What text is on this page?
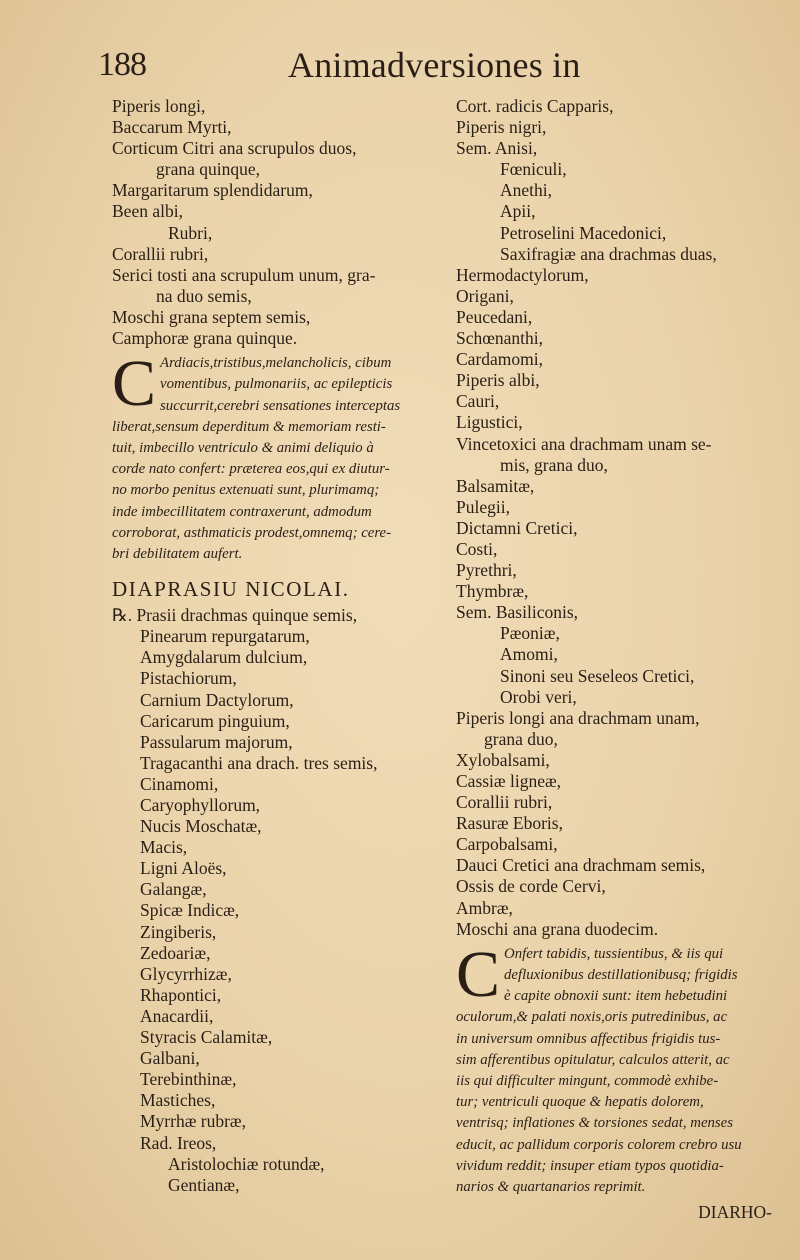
188	Animadversiones in
Piperis longi,
Baccarum Myrti,
Corticum Citri ana scrupulos duos,
grana quinque,
Margaritarum splendidarum,
Been albi,
Rubri,
Corallii rubri,
Serici tosti ana scrupulum unum, gra-
na duo semis,
Moschi grana septem semis,
Camphoræ grana quinque.
C Ardiacis,tristibus,melancholicis, cibum
vomentibus, pulmonariis, ac epilepticis
succurrit,cerebri sensationes interceptas
liberat,sensum deperditum & memoriam resti-
tuit, imbecillo ventriculo & animi deliquio à
corde nato confert: præterea eos,qui ex diutur-
no morbo penitus extenuati sunt, plurimamq;
inde imbecillitatem contraxerunt, admodum
corroborat, asthmaticis prodest,omnemq; cere-
bri debilitatem aufert.
DIAPRASIU NICOLAI.
℞. Prasii drachmas quinque semis,
Pinearum repurgatarum,
Amygdalarum dulcium,
Pistachiorum,
Carnium Dactylorum,
Caricarum pinguium,
Passularum majorum,
Tragacanthi ana drach. tres semis,
Cinamomi,
Caryophyllorum,
Nucis Moschatæ,
Macis,
Ligni Aloës,
Galangæ,
Spicæ Indicæ,
Zingiberis,
Zedoariæ,
Glycyrrhizæ,
Rhapontici,
Anacardii,
Styracis Calamitæ,
Galbani,
Terebinthinæ,
Mastiches,
Myrrhæ rubræ,
Rad. Ireos,
Aristolochiæ rotundæ,
Gentianæ,
Cort. radicis Capparis,
Piperis nigri,
Sem. Anisi,
Fœniculi,
Anethi,
Apii,
Petroselini Macedonici,
Saxifragiæ ana drachmas duas,
Hermodactylorum,
Origani,
Peucedani,
Schœnanthi,
Cardamomi,
Piperis albi,
Cauri,
Ligustici,
Vincetoxici ana drachmam unam se-
mis, grana duo,
Balsamitæ,
Pulegii,
Dictamni Cretici,
Costi,
Pyrethri,
Thymbræ,
Sem. Basiliconis,
Pæoniæ,
Amomi,
Sinoni seu Seseleos Cretici,
Orobi veri,
Piperis longi ana drachmam unam,
grana duo,
Xylobalsami,
Cassiæ ligneæ,
Corallii rubri,
Rasuræ Eboris,
Carpobalsami,
Dauci Cretici ana drachmam semis,
Ossis de corde Cervi,
Ambræ,
Moschi ana grana duodecim.
C Onfert tabidis, tussientibus, & iis qui
defluxionibus destillationibusq; frigidis
è capite obnoxii sunt: item hebetudini
oculorum,& palati noxis,oris putredinibus, ac
in universum omnibus affectibus frigidis tus-
sim afferentibus opitulatur, calculos atterit, ac
iis qui difficulter mingunt, commodè exhibe-
tur; ventriculi quoque & hepatis dolorem,
ventrisq; inflationes & torsiones sedat, menses
educit, ac pallidum corporis colorem crebro usu
vividum reddit; insuper etiam typos quotidia-
narios & quartanarios reprimit.
DIARHO-
